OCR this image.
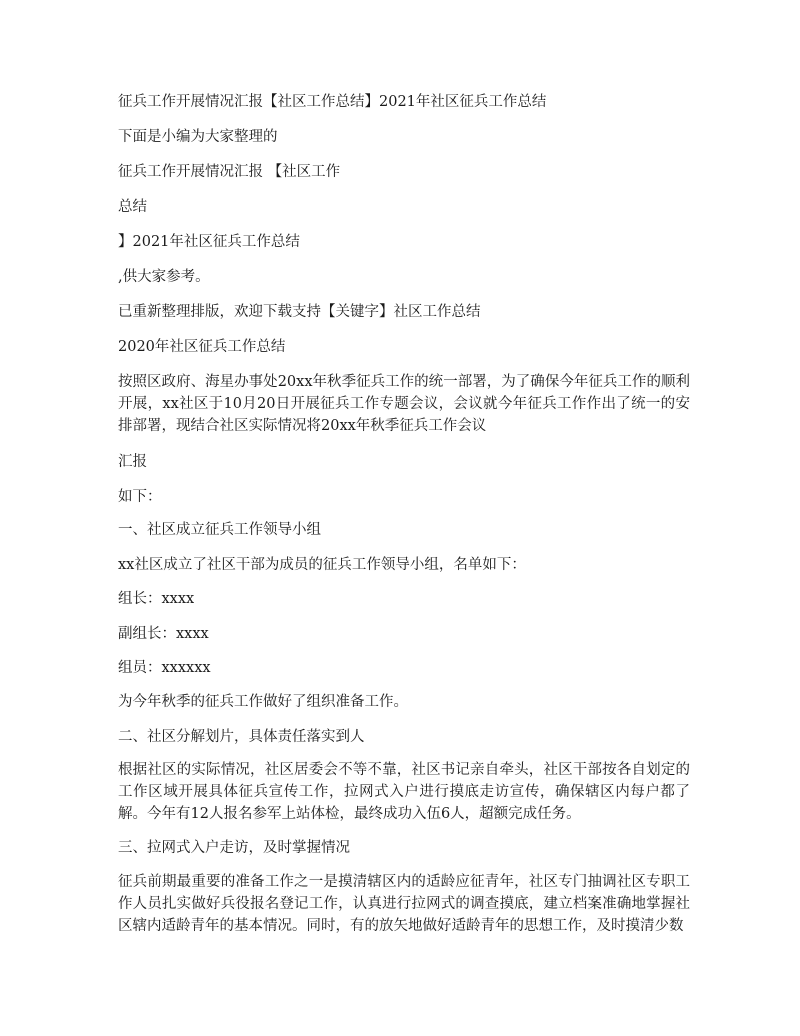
征兵工作开展情况汇报【社区工作总结】2021年社区征兵工作总结
下面是小编为大家整理的
征兵工作开展情况汇报 【社区工作
总结
】2021年社区征兵工作总结
,供大家参考。
已重新整理排版，欢迎下载支持【关键字】社区工作总结
2020年社区征兵工作总结
按照区政府、海星办事处20xx年秋季征兵工作的统一部署，为了确保今年征兵工作的顺利开展，xx社区于10月20日开展征兵工作专题会议，会议就今年征兵工作作出了统一的安排部署，现结合社区实际情况将20xx年秋季征兵工作会议
汇报
如下：
一、社区成立征兵工作领导小组
xx社区成立了社区干部为成员的征兵工作领导小组，名单如下：
组长：xxxx
副组长：xxxx
组员：xxxxxx
为今年秋季的征兵工作做好了组织准备工作。
二、社区分解划片，具体责任落实到人
根据社区的实际情况，社区居委会不等不靠，社区书记亲自牵头，社区干部按各自划定的工作区域开展具体征兵宣传工作，拉网式入户进行摸底走访宣传，确保辖区内每户都了解。今年有12人报名参军上站体检，最终成功入伍6人，超额完成任务。
三、拉网式入户走访，及时掌握情况
征兵前期最重要的准备工作之一是摸清辖区内的适龄应征青年，社区专门抽调社区专职工作人员扎实做好兵役报名登记工作，认真进行拉网式的调查摸底，建立档案准确地掌握社区辖内适龄青年的基本情况。同时，有的放矢地做好适龄青年的思想工作，及时摸清少数
